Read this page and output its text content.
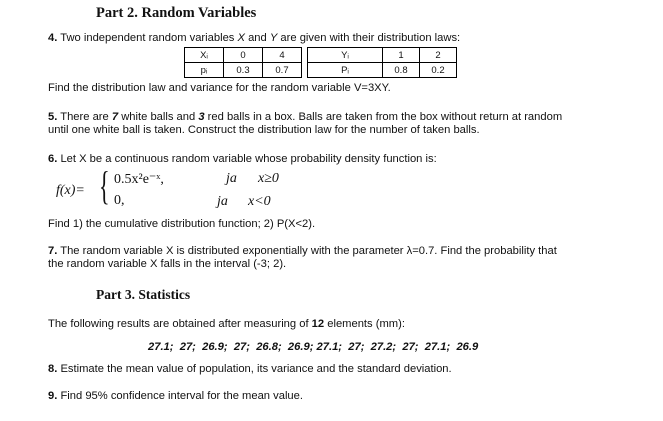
Part 2. Random Variables
4. Two independent random variables X and Y are given with their distribution laws:
Xᵢ	0	4
pᵢ	0.3	0.7
Yᵢ	1	2
Pᵢ	0.8	0.2
Find the distribution law and variance for the random variable V=3XY.
5. There are 7 white balls and 3 red balls in a box. Balls are taken from the box without return at random
until one white ball is taken. Construct the distribution law for the number of taken balls.
6. Let X be a continuous random variable whose probability density function is:
f(x)= { 0.5x²e⁻ˣ,	ja x≥0
0,	ja x<0
Find 1) the cumulative distribution function; 2) P(X<2).
7. The random variable X is distributed exponentially with the parameter λ=0.7. Find the probability that
the random variable X falls in the interval (-3; 2).
Part 3. Statistics
The following results are obtained after measuring of 12 elements (mm):
27.1;  27;  26.9;  27;  26.8;  26.9; 27.1;  27;  27.2;  27;  27.1;  26.9
8. Estimate the mean value of population, its variance and the standard deviation.
9. Find 95% confidence interval for the mean value.
